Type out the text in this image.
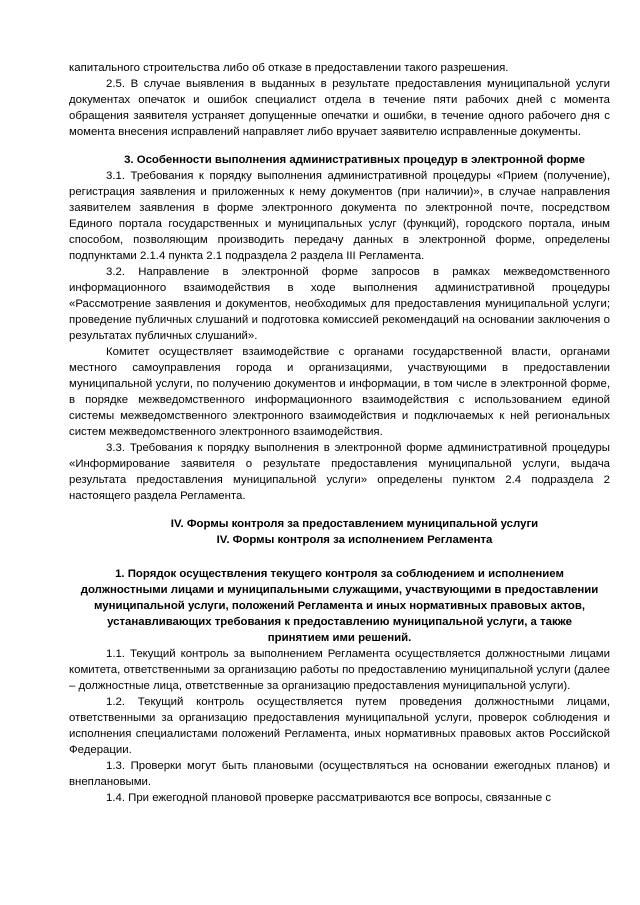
капитального строительства либо об отказе в предоставлении такого разрешения.

2.5. В случае выявления в выданных в результате предоставления муниципальной услуги документах опечаток и ошибок специалист отдела в течение пяти рабочих дней с момента обращения заявителя устраняет допущенные опечатки и ошибки, в течение одного рабочего дня с момента внесения исправлений направляет либо вручает заявителю исправленные документы.

3. Особенности выполнения административных процедур в электронной форме

3.1. Требования к порядку выполнения административной процедуры «Прием (получение), регистрация заявления и приложенных к нему документов (при наличии)», в случае направления заявителем заявления в форме электронного документа по электронной почте, посредством Единого портала государственных и муниципальных услуг (функций), городского портала, иным способом, позволяющим производить передачу данных в электронной форме, определены подпунктами 2.1.4 пункта 2.1 подраздела 2 раздела III Регламента.

3.2. Направление в электронной форме запросов в рамках межведомственного информационного взаимодействия в ходе выполнения административной процедуры «Рассмотрение заявления и документов, необходимых для предоставления муниципальной услуги; проведение публичных слушаний и подготовка комиссией рекомендаций на основании заключения о результатах публичных слушаний».

Комитет осуществляет взаимодействие с органами государственной власти, органами местного самоуправления города и организациями, участвующими в предоставлении муниципальной услуги, по получению документов и информации, в том числе в электронной форме, в порядке межведомственного информационного взаимодействия с использованием единой системы межведомственного электронного взаимодействия и подключаемых к ней региональных систем межведомственного электронного взаимодействия.

3.3. Требования к порядку выполнения в электронной форме административной процедуры «Информирование заявителя о результате предоставления муниципальной услуги, выдача результата предоставления муниципальной услуги» определены пунктом 2.4 подраздела 2 настоящего раздела Регламента.

IV. Формы контроля за предоставлением муниципальной услуги

IV. Формы контроля за исполнением Регламента

1. Порядок осуществления текущего контроля за соблюдением и исполнением должностными лицами и муниципальными служащими, участвующими в предоставлении муниципальной услуги, положений Регламента и иных нормативных правовых актов, устанавливающих требования к предоставлению муниципальной услуги, а также принятием ими решений.

1.1. Текущий контроль за выполнением Регламента осуществляется должностными лицами комитета, ответственными за организацию работы по предоставлению муниципальной услуги (далее – должностные лица, ответственные за организацию предоставления муниципальной услуги).

1.2. Текущий контроль осуществляется путем проведения должностными лицами, ответственными за организацию предоставления муниципальной услуги, проверок соблюдения и исполнения специалистами положений Регламента, иных нормативных правовых актов Российской Федерации.

1.3. Проверки могут быть плановыми (осуществляться на основании ежегодных планов) и внеплановыми.

1.4. При ежегодной плановой проверке рассматриваются все вопросы, связанные с
